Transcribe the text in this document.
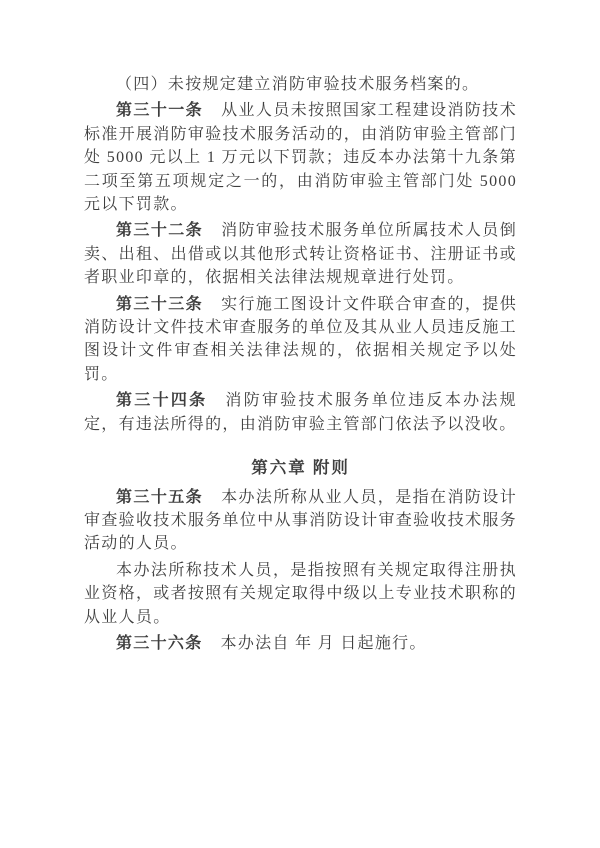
（四）未按规定建立消防审验技术服务档案的。

第三十一条 从业人员未按照国家工程建设消防技术标准开展消防审验技术服务活动的，由消防审验主管部门处 5000 元以上 1 万元以下罚款；违反本办法第十九条第二项至第五项规定之一的，由消防审验主管部门处 5000 元以下罚款。

第三十二条 消防审验技术服务单位所属技术人员倒卖、出租、出借或以其他形式转让资格证书、注册证书或者职业印章的，依据相关法律法规规章进行处罚。

第三十三条 实行施工图设计文件联合审查的，提供消防设计文件技术审查服务的单位及其从业人员违反施工图设计文件审查相关法律法规的，依据相关规定予以处罚。

第三十四条 消防审验技术服务单位违反本办法规定，有违法所得的，由消防审验主管部门依法予以没收。

第六章 附则

第三十五条 本办法所称从业人员，是指在消防设计审查验收技术服务单位中从事消防设计审查验收技术服务活动的人员。

本办法所称技术人员，是指按照有关规定取得注册执业资格，或者按照有关规定取得中级以上专业技术职称的从业人员。

第三十六条 本办法自 年 月 日起施行。
